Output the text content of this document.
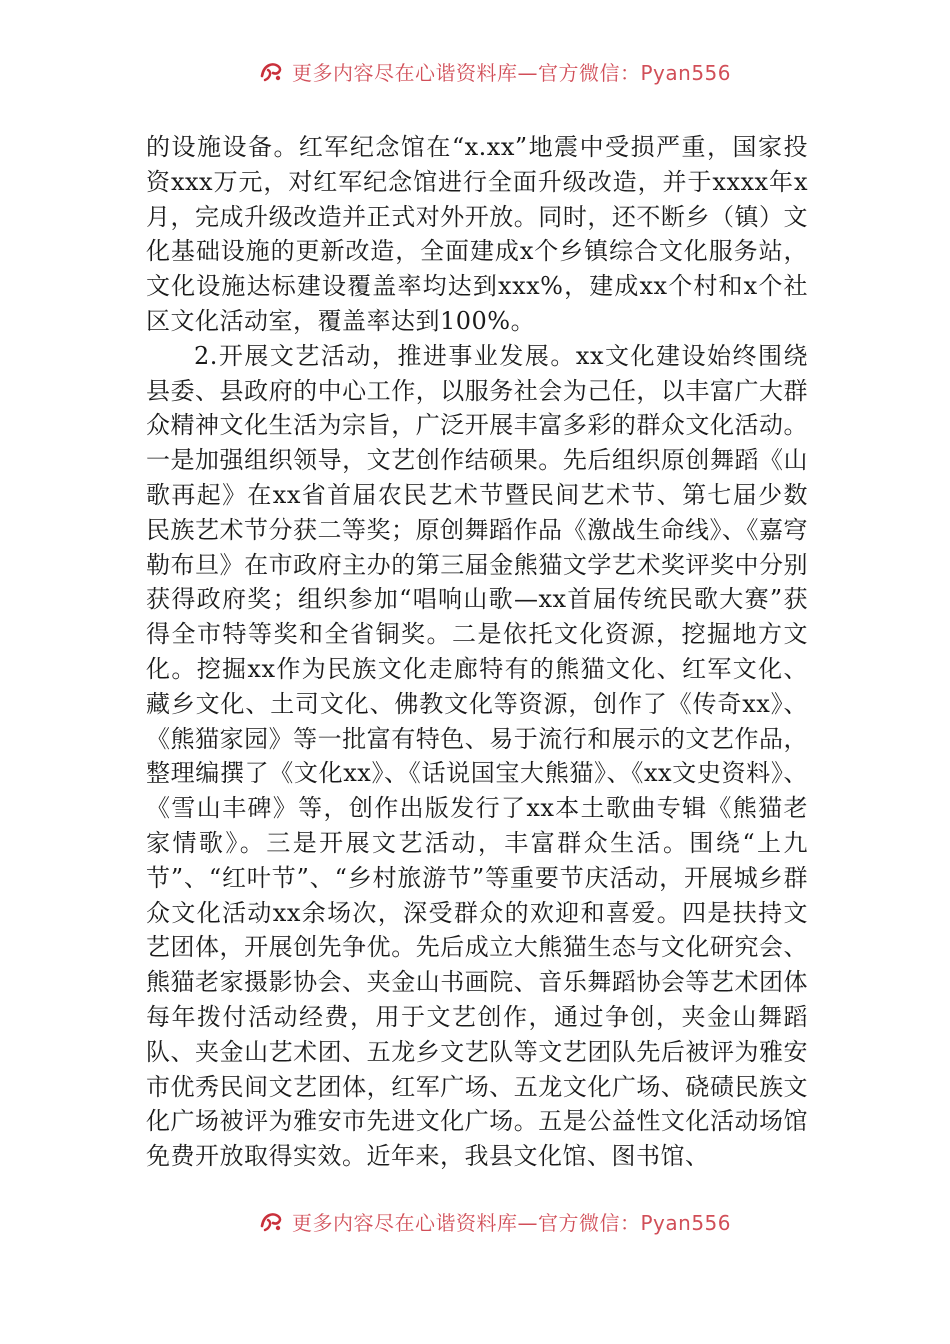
更多内容尽在心谐资料库—官方微信：Pyan556

的设施设备。红军纪念馆在“x.xx”地震中受损严重，国家投资xxx万元，对红军纪念馆进行全面升级改造，并于xxxx年x月，完成升级改造并正式对外开放。同时，还不断乡（镇）文化基础设施的更新改造，全面建成x个乡镇综合文化服务站，文化设施达标建设覆盖率均达到xxx%，建成xx个村和x个社区文化活动室，覆盖率达到100%。

2.开展文艺活动，推进事业发展。xx文化建设始终围绕县委、县政府的中心工作，以服务社会为己任，以丰富广大群众精神文化生活为宗旨，广泛开展丰富多彩的群众文化活动。一是加强组织领导，文艺创作结硕果。先后组织原创舞蹈《山歌再起》在xx省首届农民艺术节暨民间艺术节、第七届少数民族艺术节分获二等奖；原创舞蹈作品《激战生命线》、《嘉穹勒布旦》在市政府主办的第三届金熊猫文学艺术奖评奖中分别获得政府奖；组织参加“唱响山歌—xx首届传统民歌大赛”获得全市特等奖和全省铜奖。二是依托文化资源，挖掘地方文化。挖掘xx作为民族文化走廊特有的熊猫文化、红军文化、藏乡文化、土司文化、佛教文化等资源，创作了《传奇xx》、《熊猫家园》等一批富有特色、易于流行和展示的文艺作品，整理编撰了《文化xx》、《话说国宝大熊猫》、《xx文史资料》、《雪山丰碑》等，创作出版发行了xx本土歌曲专辑《熊猫老家情歌》。三是开展文艺活动，丰富群众生活。围绕“上九节”、“红叶节”、“乡村旅游节”等重要节庆活动，开展城乡群众文化活动xx余场次，深受群众的欢迎和喜爱。四是扶持文艺团体，开展创先争优。先后成立大熊猫生态与文化研究会、熊猫老家摄影协会、夹金山书画院、音乐舞蹈协会等艺术团体每年拨付活动经费，用于文艺创作，通过争创，夹金山舞蹈队、夹金山艺术团、五龙乡文艺队等文艺团队先后被评为雅安市优秀民间文艺团体，红军广场、五龙文化广场、硗碛民族文化广场被评为雅安市先进文化广场。五是公益性文化活动场馆免费开放取得实效。近年来，我县文化馆、图书馆、

更多内容尽在心谐资料库—官方微信：Pyan556
